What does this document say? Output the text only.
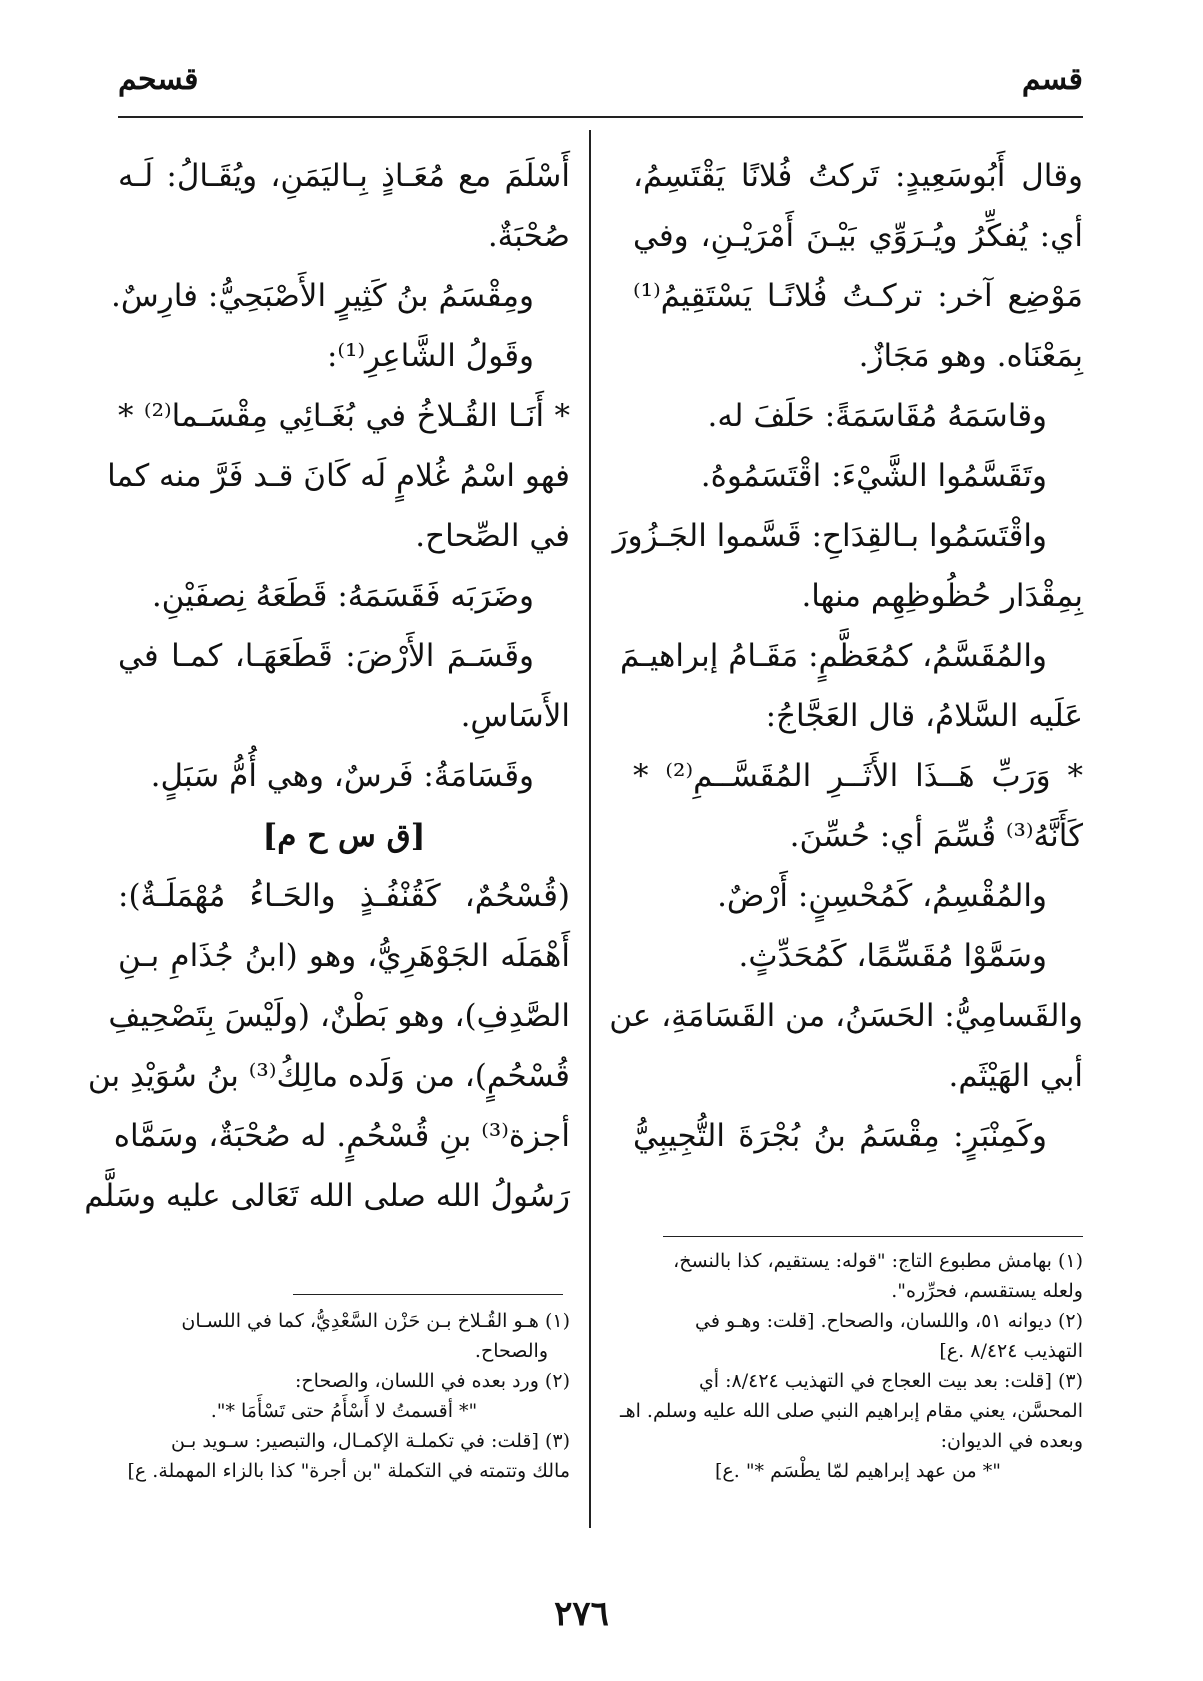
قسم
قسحم
وقال أَبُوسَعِيدٍ: تَركتُ فُلانًا يَقْتَسِمُ،
أي: يُفكِّرُ ويُـرَوِّي بَيْـنَ أَمْرَيْـنِ، وفي
مَوْضِع آخر: تركـتُ فُلانًـا يَسْتَقِيمُ⁽¹⁾
بِمَعْنَاه. وهو مَجَازٌ.
وقاسَمَهُ مُقَاسَمَةً: حَلَفَ له.
وتَقَسَّمُوا الشَّيْءَ: اقْتَسَمُوهُ.
واقْتَسَمُوا بـالقِدَاحِ: قَسَّموا الجَـزُورَ
بِمِقْدَار حُظُوظِهِم منها.
والمُقَسَّمُ، كمُعَظَّمٍ: مَقَـامُ إبراهيـمَ
عَلَيه السَّلامُ، قال العَجَّاجُ:
* وَرَبِّ هَــذَا الأَثَــرِ المُقَسَّــمِ⁽²⁾ *
كَأَنَّهُ⁽³⁾ قُسِّمَ أي: حُسِّنَ.
والمُقْسِمُ، كَمُحْسِنٍ: أَرْضٌ.
وسَمَّوْا مُقَسِّمًا، كَمُحَدِّثٍ.
والقَسامِيُّ: الحَسَنُ، من القَسَامَةِ، عن
أبي الهَيْثَم.
وكَمِنْبَرٍ: مِقْسَمُ بنُ بُجْرَةَ التُّجِيبِيُّ
أَسْلَمَ مع مُعَـاذٍ بِـاليَمَنِ، ويُقَـالُ: لَـه
صُحْبَةٌ.
ومِقْسَمُ بنُ كَثِيرٍ الأَصْبَحِيُّ: فارِسٌ.
وقَولُ الشَّاعِرِ⁽¹⁾:
* أَنَـا القُـلاخُ في بُغَـائِي مِقْسَـما⁽²⁾ *
فهو اسْمُ غُلامٍ لَه كَانَ قـد فَرَّ منه كما
في الصِّحاح.
وضَرَبَه فَقَسَمَهُ: قَطَعَهُ نِصفَيْنِ.
وقَسَـمَ الأَرْضَ: قَطَعَهَـا، كمـا في
الأَسَاسِ.
وقَسَامَةُ: فَرسٌ، وهي أُمُّ سَبَلٍ.
[ق س ح م]
(قُسْحُمٌ، كَقُنْفُـذٍ والحَـاءُ مُهْمَلَـةٌ):
أَهْمَلَه الجَوْهَرِيُّ، وهو (ابنُ جُذَامِ بـنِ
الصَّدِفِ)، وهو بَطْنٌ، (ولَيْسَ بِتَصْحِيفِ
قُسْحُمٍ)، من وَلَده مالِكُ⁽³⁾ بنُ سُوَيْدِ بن
أجزة⁽³⁾ بنِ قُسْحُمٍ. له صُحْبَةٌ، وسَمَّاه
رَسُولُ الله صلى الله تَعَالى عليه وسَلَّم
(١) بهامش مطبوع التاج: "قوله: يستقيم، كذا بالنسخ،
ولعله يستقسم، فحرِّره".
(٢) ديوانه ٥١، واللسان، والصحاح. [قلت: وهـو في
التهذيب ٨/٤٢٤ .ع]
(٣) [قلت: بعد بيت العجاج في التهذيب ٨/٤٢٤: أي
المحسَّن، يعني مقام إبراهيم النبي صلى الله عليه وسلم. اهـ
وبعده في الديوان:
"* من عهد إبراهيم لمّا يطْسَم *" .ع]
(١) هـو القُـلاخ بـن حَزْن السَّعْدِيُّ، كما في اللسـان
والصحاح.
(٢) ورد بعده في اللسان، والصحاح:
"* أقسمتُ لا أَسْأَمُ حتى تَسْأَمَا *".
(٣) [قلت: في تكملـة الإكمـال، والتبصير: سـويد بـن
مالك وتتمته في التكملة "بن أجرة" كذا بالزاء المهملة. ع]
٢٧٦
